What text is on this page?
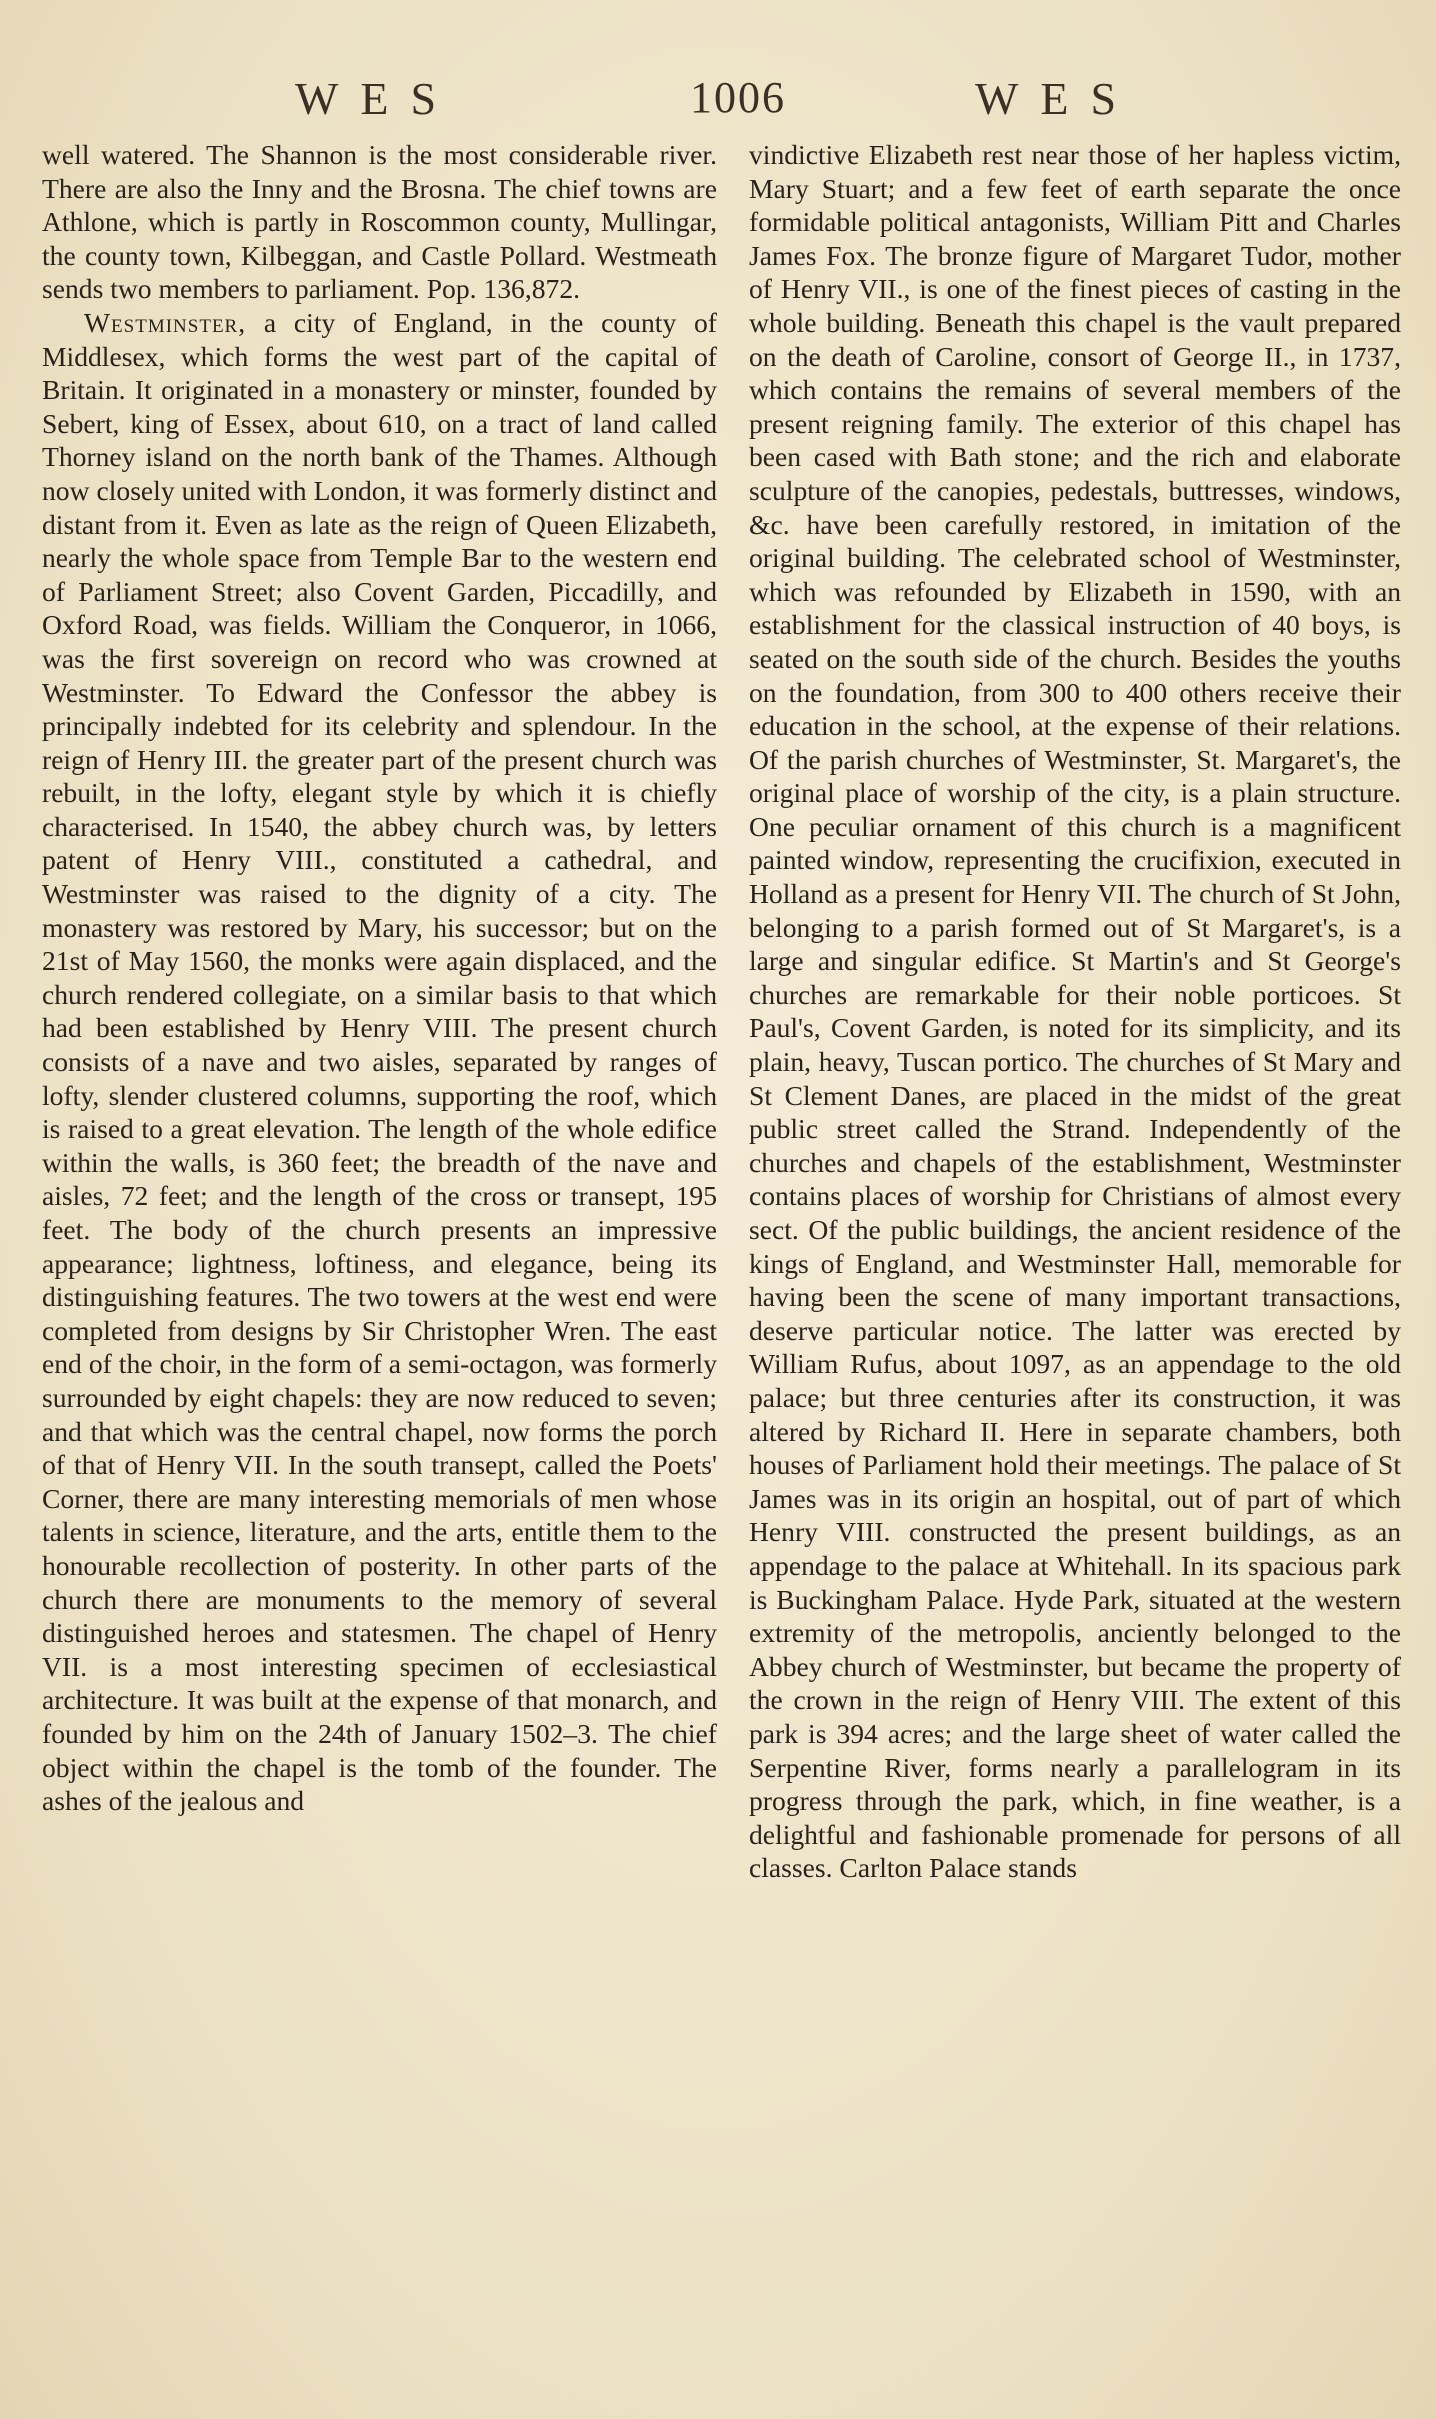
WES	1006	WES

well watered. The Shannon is the most considerable river. There are also the Inny and the Brosna. The chief towns are Athlone, which is partly in Roscommon county, Mullingar, the county town, Kilbeggan, and Castle Pollard. Westmeath sends two members to parliament. Pop. 136,872.

Westminster, a city of England, in the county of Middlesex, which forms the west part of the capital of Britain. It originated in a monastery or minster, founded by Sebert, king of Essex, about 610, on a tract of land called Thorney island on the north bank of the Thames. Although now closely united with London, it was formerly distinct and distant from it. Even as late as the reign of Queen Elizabeth, nearly the whole space from Temple Bar to the western end of Parliament Street; also Covent Garden, Piccadilly, and Oxford Road, was fields. William the Conqueror, in 1066, was the first sovereign on record who was crowned at Westminster. To Edward the Confessor the abbey is principally indebted for its celebrity and splendour. In the reign of Henry III. the greater part of the present church was rebuilt, in the lofty, elegant style by which it is chiefly characterised. In 1540, the abbey church was, by letters patent of Henry VIII., constituted a cathedral, and Westminster was raised to the dignity of a city. The monastery was restored by Mary, his successor; but on the 21st of May 1560, the monks were again displaced, and the church rendered collegiate, on a similar basis to that which had been established by Henry VIII. The present church consists of a nave and two aisles, separated by ranges of lofty, slender clustered columns, supporting the roof, which is raised to a great elevation. The length of the whole edifice within the walls, is 360 feet; the breadth of the nave and aisles, 72 feet; and the length of the cross or transept, 195 feet. The body of the church presents an impressive appearance; lightness, loftiness, and elegance, being its distinguishing features. The two towers at the west end were completed from designs by Sir Christopher Wren. The east end of the choir, in the form of a semi-octagon, was formerly surrounded by eight chapels: they are now reduced to seven; and that which was the central chapel, now forms the porch of that of Henry VII. In the south transept, called the Poets' Corner, there are many interesting memorials of men whose talents in science, literature, and the arts, entitle them to the honourable recollection of posterity. In other parts of the church there are monuments to the memory of several distinguished heroes and statesmen. The chapel of Henry VII. is a most interesting specimen of ecclesiastical architecture. It was built at the expense of that monarch, and founded by him on the 24th of January 1502–3. The chief object within the chapel is the tomb of the founder. The ashes of the jealous and

vindictive Elizabeth rest near those of her hapless victim, Mary Stuart; and a few feet of earth separate the once formidable political antagonists, William Pitt and Charles James Fox. The bronze figure of Margaret Tudor, mother of Henry VII., is one of the finest pieces of casting in the whole building. Beneath this chapel is the vault prepared on the death of Caroline, consort of George II., in 1737, which contains the remains of several members of the present reigning family. The exterior of this chapel has been cased with Bath stone; and the rich and elaborate sculpture of the canopies, pedestals, buttresses, windows, &c. have been carefully restored, in imitation of the original building. The celebrated school of Westminster, which was refounded by Elizabeth in 1590, with an establishment for the classical instruction of 40 boys, is seated on the south side of the church. Besides the youths on the foundation, from 300 to 400 others receive their education in the school, at the expense of their relations. Of the parish churches of Westminster, St. Margaret's, the original place of worship of the city, is a plain structure. One peculiar ornament of this church is a magnificent painted window, representing the crucifixion, executed in Holland as a present for Henry VII. The church of St John, belonging to a parish formed out of St Margaret's, is a large and singular edifice. St Martin's and St George's churches are remarkable for their noble porticoes. St Paul's, Covent Garden, is noted for its simplicity, and its plain, heavy, Tuscan portico. The churches of St Mary and St Clement Danes, are placed in the midst of the great public street called the Strand. Independently of the churches and chapels of the establishment, Westminster contains places of worship for Christians of almost every sect. Of the public buildings, the ancient residence of the kings of England, and Westminster Hall, memorable for having been the scene of many important transactions, deserve particular notice. The latter was erected by William Rufus, about 1097, as an appendage to the old palace; but three centuries after its construction, it was altered by Richard II. Here in separate chambers, both houses of Parliament hold their meetings. The palace of St James was in its origin an hospital, out of part of which Henry VIII. constructed the present buildings, as an appendage to the palace at Whitehall. In its spacious park is Buckingham Palace. Hyde Park, situated at the western extremity of the metropolis, anciently belonged to the Abbey church of Westminster, but became the property of the crown in the reign of Henry VIII. The extent of this park is 394 acres; and the large sheet of water called the Serpentine River, forms nearly a parallelogram in its progress through the park, which, in fine weather, is a delightful and fashionable promenade for persons of all classes. Carlton Palace stands
